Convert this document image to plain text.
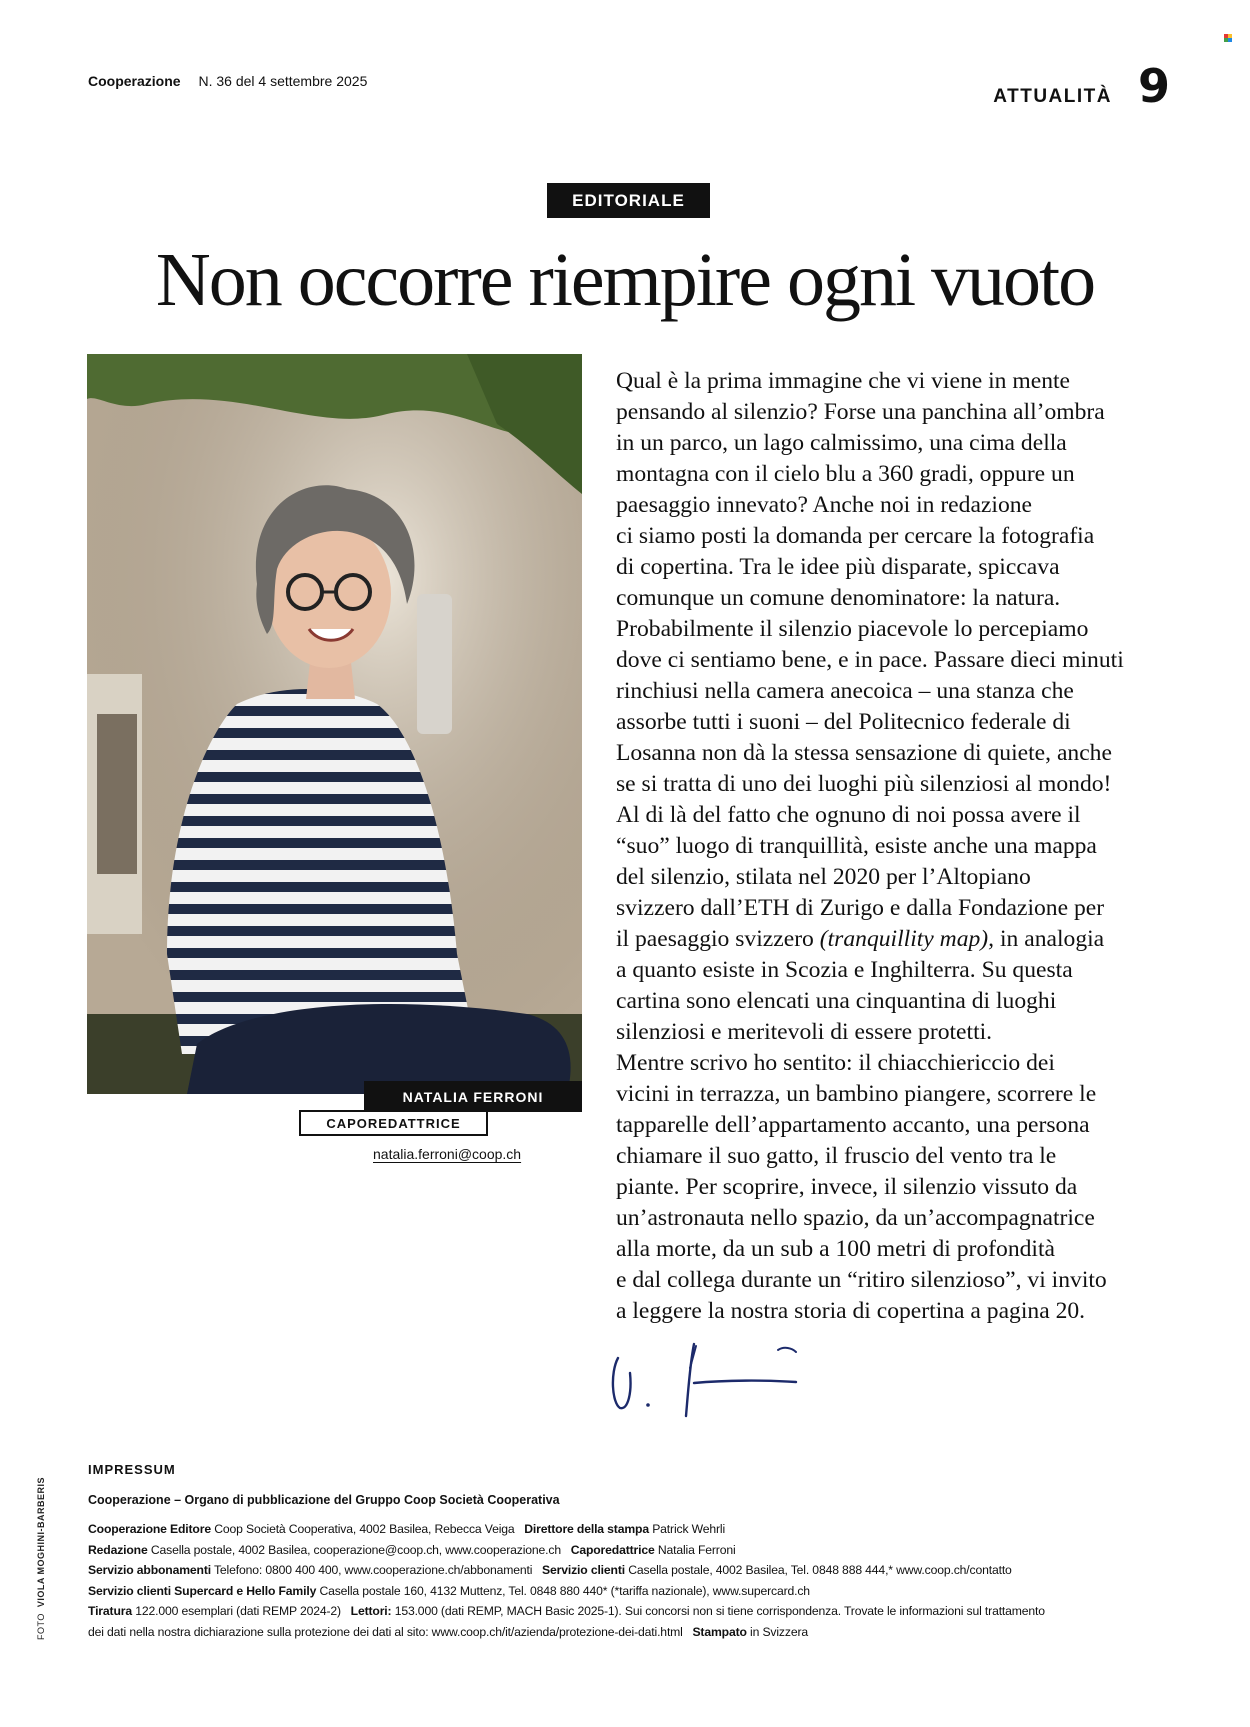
Cooperazione N. 36 del 4 settembre 2025
ATTUALITÀ 9
EDITORIALE
Non occorre riempire ogni vuoto
NATALIA FERRONI
CAPOREDATTRICE
natalia.ferroni@coop.ch

Qual è la prima immagine che vi viene in mente

pensando al silenzio? Forse una panchina all’ombra

in un parco, un lago calmissimo, una cima della

montagna con il cielo blu a 360 gradi, oppure un

paesaggio innevato? Anche noi in redazione

ci siamo posti la domanda per cercare la fotografia

di copertina. Tra le idee più disparate, spiccava

comunque un comune denominatore: la natura.

Probabilmente il silenzio piacevole lo percepiamo

dove ci sentiamo bene, e in pace. Passare dieci minuti

rinchiusi nella camera anecoica – una stanza che

assorbe tutti i suoni – del Politecnico federale di

Losanna non dà la stessa sensazione di quiete, anche

se si tratta di uno dei luoghi più silenziosi al mondo!

Al di là del fatto che ognuno di noi possa avere il

“suo” luogo di tranquillità, esiste anche una mappa

del silenzio, stilata nel 2020 per l’Altopiano

svizzero dall’ETH di Zurigo e dalla Fondazione per

il paesaggio svizzero (tranquillity map), in analogia

a quanto esiste in Scozia e Inghilterra. Su questa

cartina sono elencati una cinquantina di luoghi

silenziosi e meritevoli di essere protetti.

Mentre scrivo ho sentito: il chiacchiericcio dei

vicini in terrazza, un bambino piangere, scorrere le

tapparelle dell’appartamento accanto, una persona

chiamare il suo gatto, il fruscio del vento tra le

piante. Per scoprire, invece, il silenzio vissuto da

un’astronauta nello spazio, da un’accompagnatrice

alla morte, da un sub a 100 metri di profondità

e dal collega durante un “ritiro silenzioso”, vi invito

a leggere la nostra storia di copertina a pagina 20.

IMPRESSUM
Cooperazione – Organo di pubblicazione del Gruppo Coop Società Cooperativa
Cooperazione Editore Coop Società Cooperativa, 4002 Basilea, Rebecca Veiga Direttore della stampa Patrick Wehrli
Redazione Casella postale, 4002 Basilea, cooperazione@coop.ch, www.cooperazione.ch Caporedattrice Natalia Ferroni
Servizio abbonamenti Telefono: 0800 400 400, www.cooperazione.ch/abbonamenti Servizio clienti Casella postale, 4002 Basilea, Tel. 0848 888 444,* www.coop.ch/contatto
Servizio clienti Supercard e Hello Family Casella postale 160, 4132 Muttenz, Tel. 0848 880 440* (*tariffa nazionale), www.supercard.ch
Tiratura 122.000 esemplari (dati REMP 2024-2) Lettori: 153.000 (dati REMP, MACH Basic 2025-1). Sui concorsi non si tiene corrispondenza. Trovate le informazioni sul trattamento
dei dati nella nostra dichiarazione sulla protezione dei dati al sito: www.coop.ch/it/azienda/protezione-dei-dati.html Stampato in Svizzera
FOTOVIOLA MOGHINI-BARBERIS
